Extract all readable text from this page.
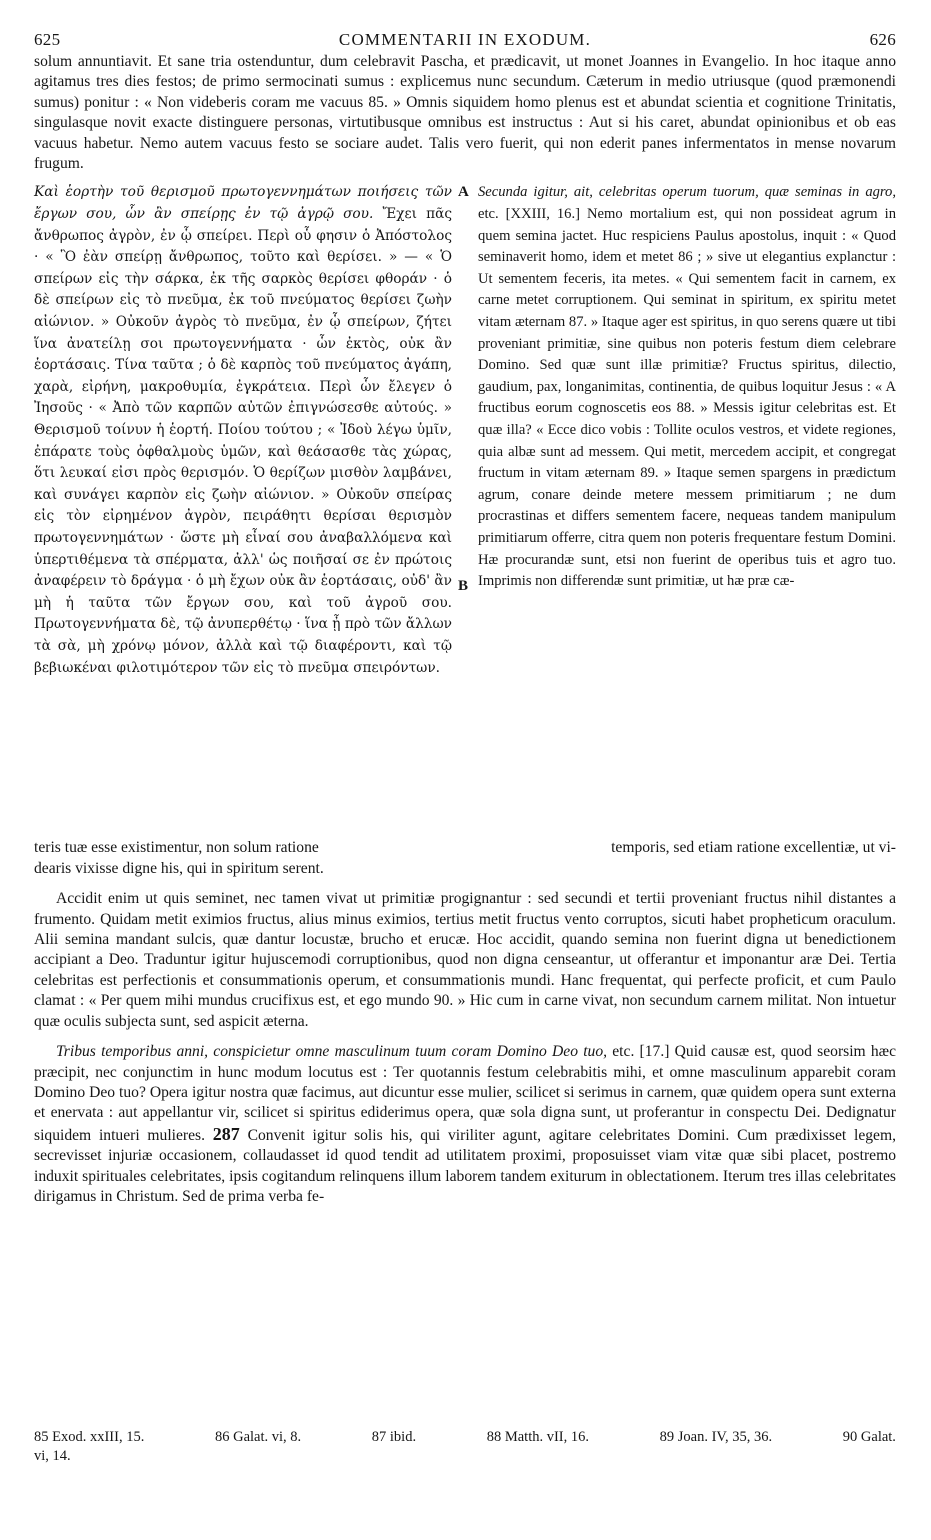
625	COMMENTARII IN EXODUM.	626

solum annuntiavit. Et sane tria ostenduntur, dum celebravit Pascha, et prædicavit, ut monet Joannes in Evangelio. In hoc itaque anno agitamus tres dies festos; de primo sermocinati sumus : explicemus nunc secundum. Cæterum in medio utriusque (quod præmonendi sumus) ponitur : « Non videberis coram me vacuus 85. » Omnis siquidem homo plenus est et abundat scientia et cognitione Trinitatis, singulasque novit exacte distinguere personas, virtutibusque omnibus est instructus : Aut si his caret, abundat opinionibus et ob eas vacuus habetur. Nemo autem vacuus festo se sociare audet. Talis vero fuerit, qui non ederit panes infermentatos in mense novarum frugum.

Καὶ ἑορτὴν τοῦ θερισμοῦ πρωτογεννημάτων ποιήσεις τῶν ἔργων σου, ὧν ἂν σπείρῃς ἐν τῷ ἀγρῷ σου. Ἔχει πᾶς ἄνθρωπος ἀγρὸν, ἐν ᾧ σπείρει. Περὶ οὗ φησιν ὁ Ἀπόστολος · « Ὃ ἐὰν σπείρῃ ἄνθρωπος, τοῦτο καὶ θερίσει. » — « Ὁ σπείρων εἰς τὴν σάρκα, ἐκ τῆς σαρκὸς θερίσει φθοράν · ὁ δὲ σπείρων εἰς τὸ πνεῦμα, ἐκ τοῦ πνεύματος θερίσει ζωὴν αἰώνιον. » Οὐκοῦν ἀγρὸς τὸ πνεῦμα, ἐν ᾧ σπείρων, ζήτει ἵνα ἀνατείλῃ σοι πρωτογεννήματα · ὧν ἐκτὸς, οὐκ ἂν ἑορτάσαις. Τίνα ταῦτα ; ὁ δὲ καρπὸς τοῦ πνεύματος ἀγάπη, χαρὰ, εἰρήνη, μακροθυμία, ἐγκράτεια. Περὶ ὧν ἔλεγεν ὁ Ἰησοῦς · « Ἀπὸ τῶν καρπῶν αὐτῶν ἐπιγνώσεσθε αὐτούς. » Θερισμοῦ τοίνυν ἡ ἑορτή. Ποίου τούτου ; « Ἰδοὺ λέγω ὑμῖν, ἐπάρατε τοὺς ὀφθαλμοὺς ὑμῶν, καὶ θεάσασθε τὰς χώρας, ὅτι λευκαί εἰσι πρὸς θερισμόν. Ὁ θερίζων μισθὸν λαμβάνει, καὶ συνάγει καρπὸν εἰς ζωὴν αἰώνιον. » Οὐκοῦν σπείρας εἰς τὸν εἰρημένον ἀγρὸν, πειράθητι θερίσαι θερισμὸν πρωτογεννημάτων · ὥστε μὴ εἶναί σου ἀναβαλλόμενα καὶ ὑπερτιθέμενα τὰ σπέρματα, ἀλλ' ὡς ποιῆσαί σε ἐν πρώτοις ἀναφέρειν τὸ δράγμα · ὁ μὴ ἔχων οὐκ ἂν ἑορτάσαις, οὐδ' ἂν μὴ ἡ ταῦτα τῶν ἔργων σου, καὶ τοῦ ἀγροῦ σου. Πρωτογεννήματα δὲ, τῷ ἀνυπερθέτῳ · ἵνα ᾖ πρὸ τῶν ἄλλων τὰ σὰ, μὴ χρόνῳ μόνον, ἀλλὰ καὶ τῷ διαφέροντι, καὶ τῷ βεβιωκέναι φιλοτιμότερον τῶν εἰς τὸ πνεῦμα σπειρόντων.
A
B
Secunda igitur, ait, celebritas operum tuorum, quæ seminas in agro, etc. [XXIII, 16.] Nemo mortalium est, qui non possideat agrum in quem semina jactet. Huc respiciens Paulus apostolus, inquit : « Quod seminaverit homo, idem et metet 86 ; » sive ut elegantius explanctur : Ut sementem feceris, ita metes. « Qui sementem facit in carnem, ex carne metet corruptionem. Qui seminat in spiritum, ex spiritu metet vitam æternam 87. » Itaque ager est spiritus, in quo serens quære ut tibi proveniant primitiæ, sine quibus non poteris festum diem celebrare Domino. Sed quæ sunt illæ primitiæ? Fructus spiritus, dilectio, gaudium, pax, longanimitas, continentia, de quibus loquitur Jesus : « A fructibus eorum cognoscetis eos 88. » Messis igitur celebritas est. Et quæ illa? « Ecce dico vobis : Tollite oculos vestros, et videte regiones, quia albæ sunt ad messem. Qui metit, mercedem accipit, et congregat fructum in vitam æternam 89. » Itaque semen spargens in prædictum agrum, conare deinde metere messem primitiarum ; ne dum procrastinas et differs sementem facere, nequeas tandem manipulum primitiarum offerre, citra quem non poteris frequentare festum Domini. Hæ procurandæ sunt, etsi non fuerint de operibus tuis et agro tuo. Imprimis non differendæ sunt primitiæ, ut hæ præ cæ-
teris tuæ esse existimentur, non solum ratione	temporis, sed etiam ratione excellentiæ, ut vi-
dearis vixisse digne his, qui in spiritum serent.

Accidit enim ut quis seminet, nec tamen vivat ut primitiæ progignantur : sed secundi et tertii proveniant fructus nihil distantes a frumento. Quidam metit eximios fructus, alius minus eximios, tertius metit fructus vento corruptos, sicuti habet propheticum oraculum. Alii semina mandant sulcis, quæ dantur locustæ, brucho et erucæ. Hoc accidit, quando semina non fuerint digna ut benedictionem accipiant a Deo. Traduntur igitur hujuscemodi corruptionibus, quod non digna censeantur, ut offerantur et imponantur aræ Dei. Tertia celebritas est perfectionis et consummationis operum, et consummationis mundi. Hanc frequentat, qui perfecte proficit, et cum Paulo clamat : « Per quem mihi mundus crucifixus est, et ego mundo 90. » Hic cum in carne vivat, non secundum carnem militat. Non intuetur quæ oculis subjecta sunt, sed aspicit æterna.

Tribus temporibus anni, conspicietur omne masculinum tuum coram Domino Deo tuo, etc. [17.] Quid causæ est, quod seorsim hæc præcipit, nec conjunctim in hunc modum locutus est : Ter quotannis festum celebrabitis mihi, et omne masculinum apparebit coram Domino Deo tuo? Opera igitur nostra quæ facimus, aut dicuntur esse mulier, scilicet si serimus in carnem, quæ quidem opera sunt externa et enervata : aut appellantur vir, scilicet si spiritus ediderimus opera, quæ sola digna sunt, ut proferantur in conspectu Dei. Dedignatur siquidem intueri mulieres. 287 Convenit igitur solis his, qui viriliter agunt, agitare celebritates Domini. Cum prædixisset legem, secrevisset injuriæ occasionem, collaudasset id quod tendit ad utilitatem proximi, proposuisset viam vitæ quæ sibi placet, postremo induxit spirituales celebritates, ipsis cogitandum relinquens illum laborem tandem exiturum in oblectationem. Iterum tres illas celebritates dirigamus in Christum. Sed de prima verba fe-

85 Exod. xxIII, 15.	86 Galat. vi, 8.	87 ibid.	88 Matth. vII, 16.	89 Joan. IV, 35, 36.	90 Galat.
vi, 14.
